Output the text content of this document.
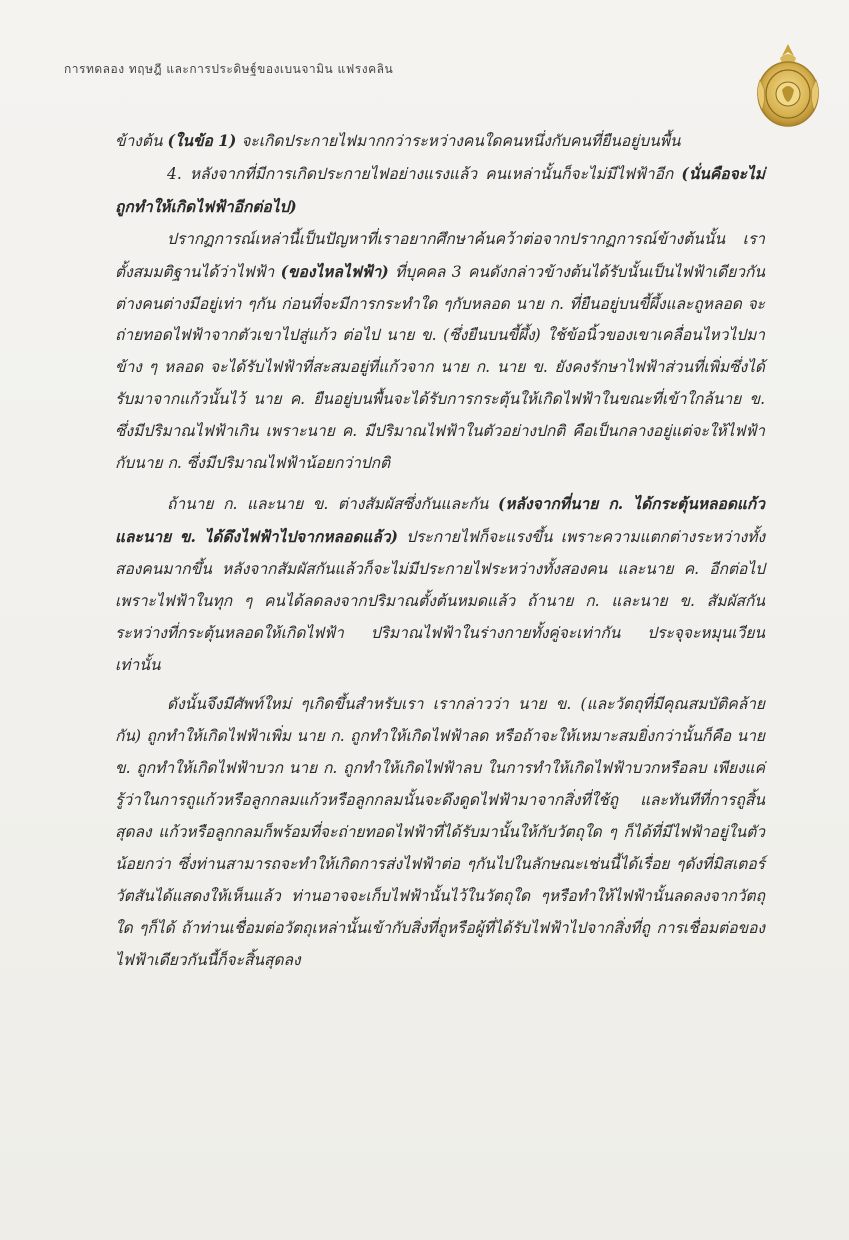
การทดลอง ทฤษฎี และการประดิษฐ์ของเบนจามิน แฟรงคลิน

ข้างต้น (ในข้อ 1) จะเกิดประกายไฟมากกว่าระหว่างคนใดคนหนึ่งกับคนที่ยืนอยู่บนพื้น

4. หลังจากที่มีการเกิดประกายไฟอย่างแรงแล้ว คนเหล่านั้นก็จะไม่มีไฟฟ้าอีก (นั่นคือจะไม่ถูกทำให้เกิดไฟฟ้าอีกต่อไป)

ปรากฏการณ์เหล่านี้เป็นปัญหาที่เราอยากศึกษาค้นคว้าต่อจากปรากฏการณ์ข้างต้นนั้น เราตั้งสมมติฐานได้ว่าไฟฟ้า (ของไหลไฟฟ้า) ที่บุคคล 3 คนดังกล่าวข้างต้นได้รับนั้นเป็นไฟฟ้าเดียวกัน ต่างคนต่างมีอยู่เท่า ๆกัน ก่อนที่จะมีการกระทำใด ๆกับหลอด นาย ก. ที่ยืนอยู่บนขี้ผึ้งและถูหลอด จะถ่ายทอดไฟฟ้าจากตัวเขาไปสู่แก้ว ต่อไป นาย ข. (ซึ่งยืนบนขี้ผึ้ง) ใช้ข้อนิ้วของเขาเคลื่อนไหวไปมาข้าง ๆ หลอด จะได้รับไฟฟ้าที่สะสมอยู่ที่แก้วจาก นาย ก. นาย ข. ยังคงรักษาไฟฟ้าส่วนที่เพิ่มซึ่งได้รับมาจากแก้วนั้นไว้ นาย ค. ยืนอยู่บนพื้นจะได้รับการกระตุ้นให้เกิดไฟฟ้าในขณะที่เข้าใกล้นาย ข. ซึ่งมีปริมาณไฟฟ้าเกิน เพราะนาย ค. มีปริมาณไฟฟ้าในตัวอย่างปกติ คือเป็นกลางอยู่แต่จะให้ไฟฟ้ากับนาย ก. ซึ่งมีปริมาณไฟฟ้าน้อยกว่าปกติ

ถ้านาย ก. และนาย ข. ต่างสัมผัสซึ่งกันและกัน (หลังจากที่นาย ก. ได้กระตุ้นหลอดแก้ว และนาย ข. ได้ดึงไฟฟ้าไปจากหลอดแล้ว) ประกายไฟก็จะแรงขึ้น เพราะความแตกต่างระหว่างทั้งสองคนมากขึ้น หลังจากสัมผัสกันแล้วก็จะไม่มีประกายไฟระหว่างทั้งสองคน และนาย ค. อีกต่อไป เพราะไฟฟ้าในทุก ๆ คนได้ลดลงจากปริมาณตั้งต้นหมดแล้ว ถ้านาย ก. และนาย ข. สัมผัสกันระหว่างที่กระตุ้นหลอดให้เกิดไฟฟ้า ปริมาณไฟฟ้าในร่างกายทั้งคู่จะเท่ากัน ประจุจะหมุนเวียนเท่านั้น

ดังนั้นจึงมีศัพท์ใหม่ ๆเกิดขึ้นสำหรับเรา เรากล่าวว่า นาย ข. (และวัตถุที่มีคุณสมบัติคล้ายกัน) ถูกทำให้เกิดไฟฟ้าเพิ่ม นาย ก. ถูกทำให้เกิดไฟฟ้าลด หรือถ้าจะให้เหมาะสมยิ่งกว่านั้นก็คือ นาย ข. ถูกทำให้เกิดไฟฟ้าบวก นาย ก. ถูกทำให้เกิดไฟฟ้าลบ ในการทำให้เกิดไฟฟ้าบวกหรือลบ เพียงแค่รู้ว่าในการถูแก้วหรือลูกกลมแก้วหรือลูกกลมนั้นจะดึงดูดไฟฟ้ามาจากสิ่งที่ใช้ถู และทันทีที่การถูสิ้นสุดลง แก้วหรือลูกกลมก็พร้อมที่จะถ่ายทอดไฟฟ้าที่ได้รับมานั้นให้กับวัตถุใด ๆ ก็ได้ที่มีไฟฟ้าอยู่ในตัวน้อยกว่า ซึ่งท่านสามารถจะทำให้เกิดการส่งไฟฟ้าต่อ ๆกันไปในลักษณะเช่นนี้ได้เรื่อย ๆดังที่มิสเตอร์วัตสันได้แสดงให้เห็นแล้ว ท่านอาจจะเก็บไฟฟ้านั้นไว้ในวัตถุใด ๆหรือทำให้ไฟฟ้านั้นลดลงจากวัตถุใด ๆก็ได้ ถ้าท่านเชื่อมต่อวัตถุเหล่านั้นเข้ากับสิ่งที่ถูหรือผู้ที่ได้รับไฟฟ้าไปจากสิ่งที่ถู การเชื่อมต่อของไฟฟ้าเดียวกันนี้ก็จะสิ้นสุดลง
